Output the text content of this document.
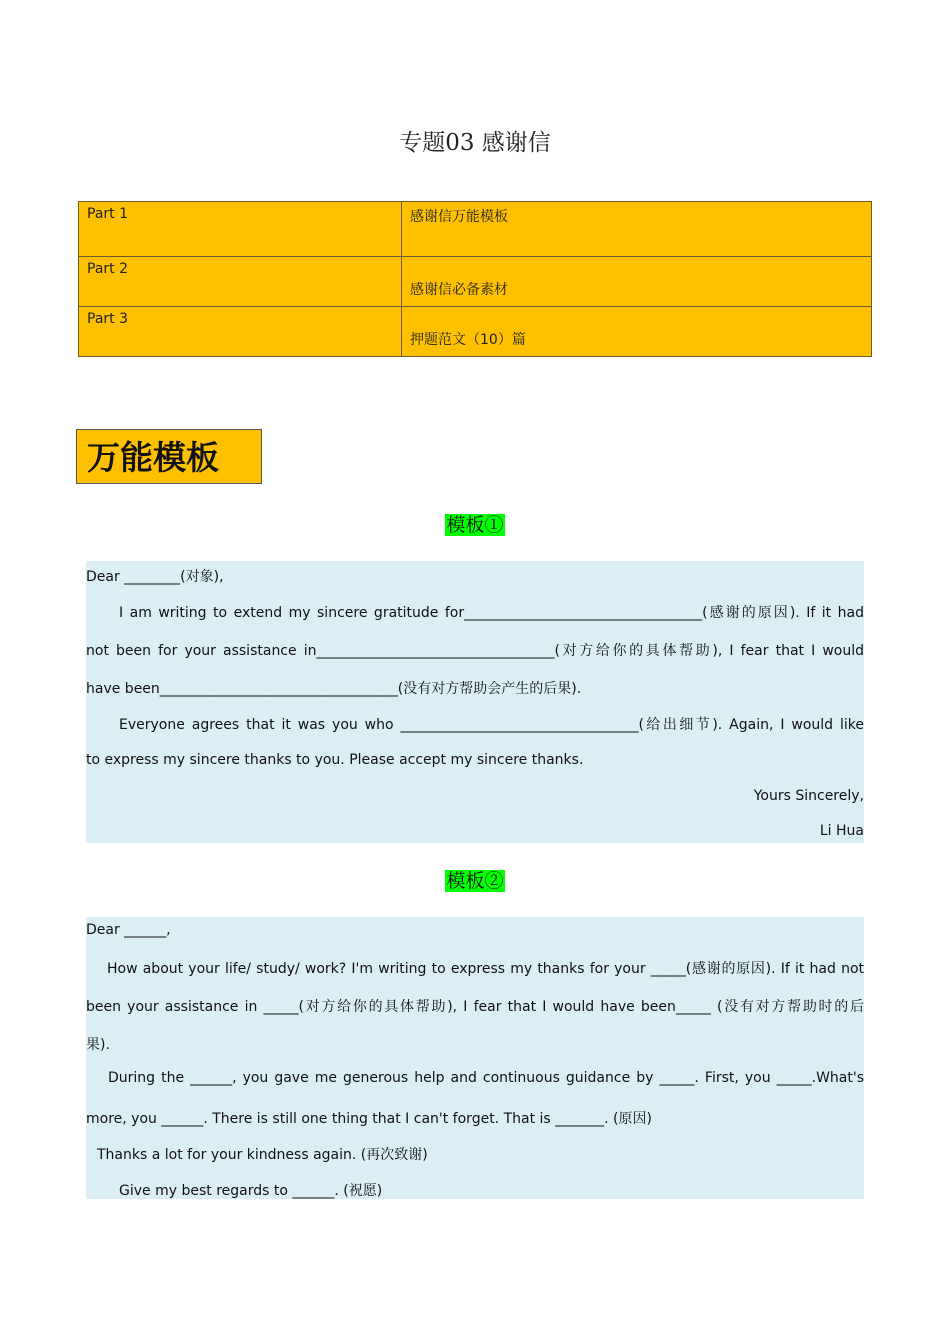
专题03 感谢信
Part 1	感谢信万能模板
Part 2	感谢信必备素材

Part 3	押题范文（10）篇
万能模板
模板①
Dear ________(对象),
I am writing to extend my sincere gratitude for__________________________________(感谢的原因). If it had
not been for your assistance in__________________________________(对方给你的具体帮助), I fear that I would
have been__________________________________(没有对方帮助会产生的后果).
Everyone agrees that it was you who __________________________________(给出细节). Again, I would like
to express my sincere thanks to you. Please accept my sincere thanks.
Yours Sincerely,
Li Hua
模板②
Dear ______,
How about your life/ study/ work? I'm writing to express my thanks for your _____(感谢的原因). If it had not
been your assistance in _____(对方给你的具体帮助), I fear that I would have been_____ (没有对方帮助时的后
果).
During the ______, you gave me generous help and continuous guidance by _____. First, you _____.What's
more, you ______. There is still one thing that I can't forget. That is _______. (原因)
Thanks a lot for your kindness again. (再次致谢)
Give my best regards to ______. (祝愿)
